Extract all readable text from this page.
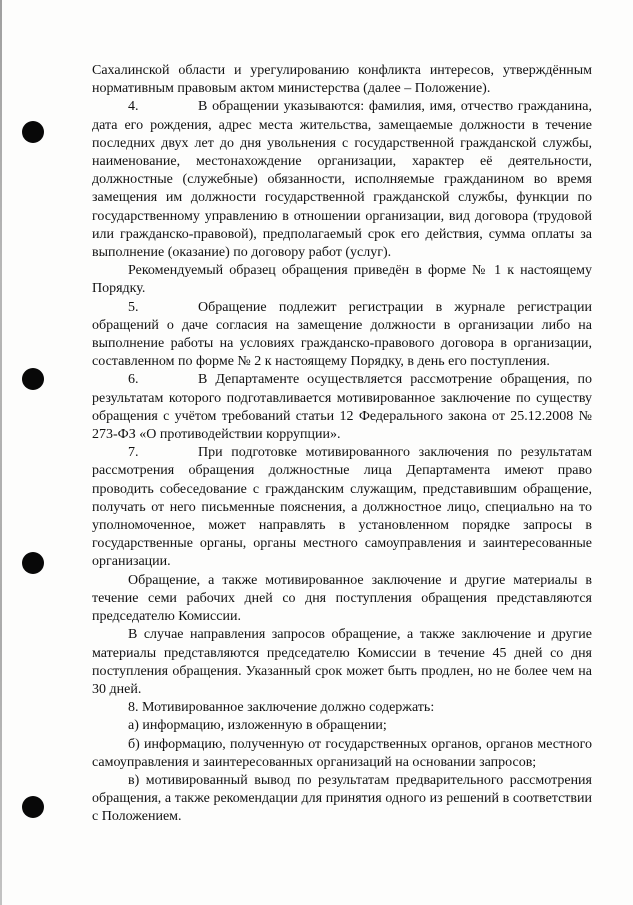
Сахалинской области и урегулированию конфликта интересов, утверждённым нормативным правовым актом министерства (далее – Положение).

4.	В обращении указываются: фамилия, имя, отчество гражданина, дата его рождения, адрес места жительства, замещаемые должности в течение последних двух лет до дня увольнения с государственной гражданской службы, наименование, местонахождение организации, характер её деятельности, должностные (служебные) обязанности, исполняемые гражданином во время замещения им должности государственной гражданской службы, функции по государственному управлению в отношении организации, вид договора (трудовой или гражданско-правовой), предполагаемый срок его действия, сумма оплаты за выполнение (оказание) по договору работ (услуг).

Рекомендуемый образец обращения приведён в форме № 1 к настоящему Порядку.

5.	Обращение подлежит регистрации в журнале регистрации обращений о даче согласия на замещение должности в организации либо на выполнение работы на условиях гражданско-правового договора в организации, составленном по форме № 2 к настоящему Порядку, в день его поступления.

6.	В Департаменте осуществляется рассмотрение обращения, по результатам которого подготавливается мотивированное заключение по существу обращения с учётом требований статьи 12 Федерального закона от 25.12.2008 № 273-ФЗ «О противодействии коррупции».

7.	При подготовке мотивированного заключения по результатам рассмотрения обращения должностные лица Департамента имеют право проводить собеседование с гражданским служащим, представившим обращение, получать от него письменные пояснения, а должностное лицо, специально на то уполномоченное, может направлять в установленном порядке запросы в государственные органы, органы местного самоуправления и заинтересованные организации.

Обращение, а также мотивированное заключение и другие материалы в течение семи рабочих дней со дня поступления обращения представляются председателю Комиссии.

В случае направления запросов обращение, а также заключение и другие материалы представляются председателю Комиссии в течение 45 дней со дня поступления обращения. Указанный срок может быть продлен, но не более чем на 30 дней.

8. Мотивированное заключение должно содержать:

а) информацию, изложенную в обращении;

б) информацию, полученную от государственных органов, органов местного самоуправления и заинтересованных организаций на основании запросов;

в) мотивированный вывод по результатам предварительного рассмотрения обращения, а также рекомендации для принятия одного из решений в соответствии с Положением.
